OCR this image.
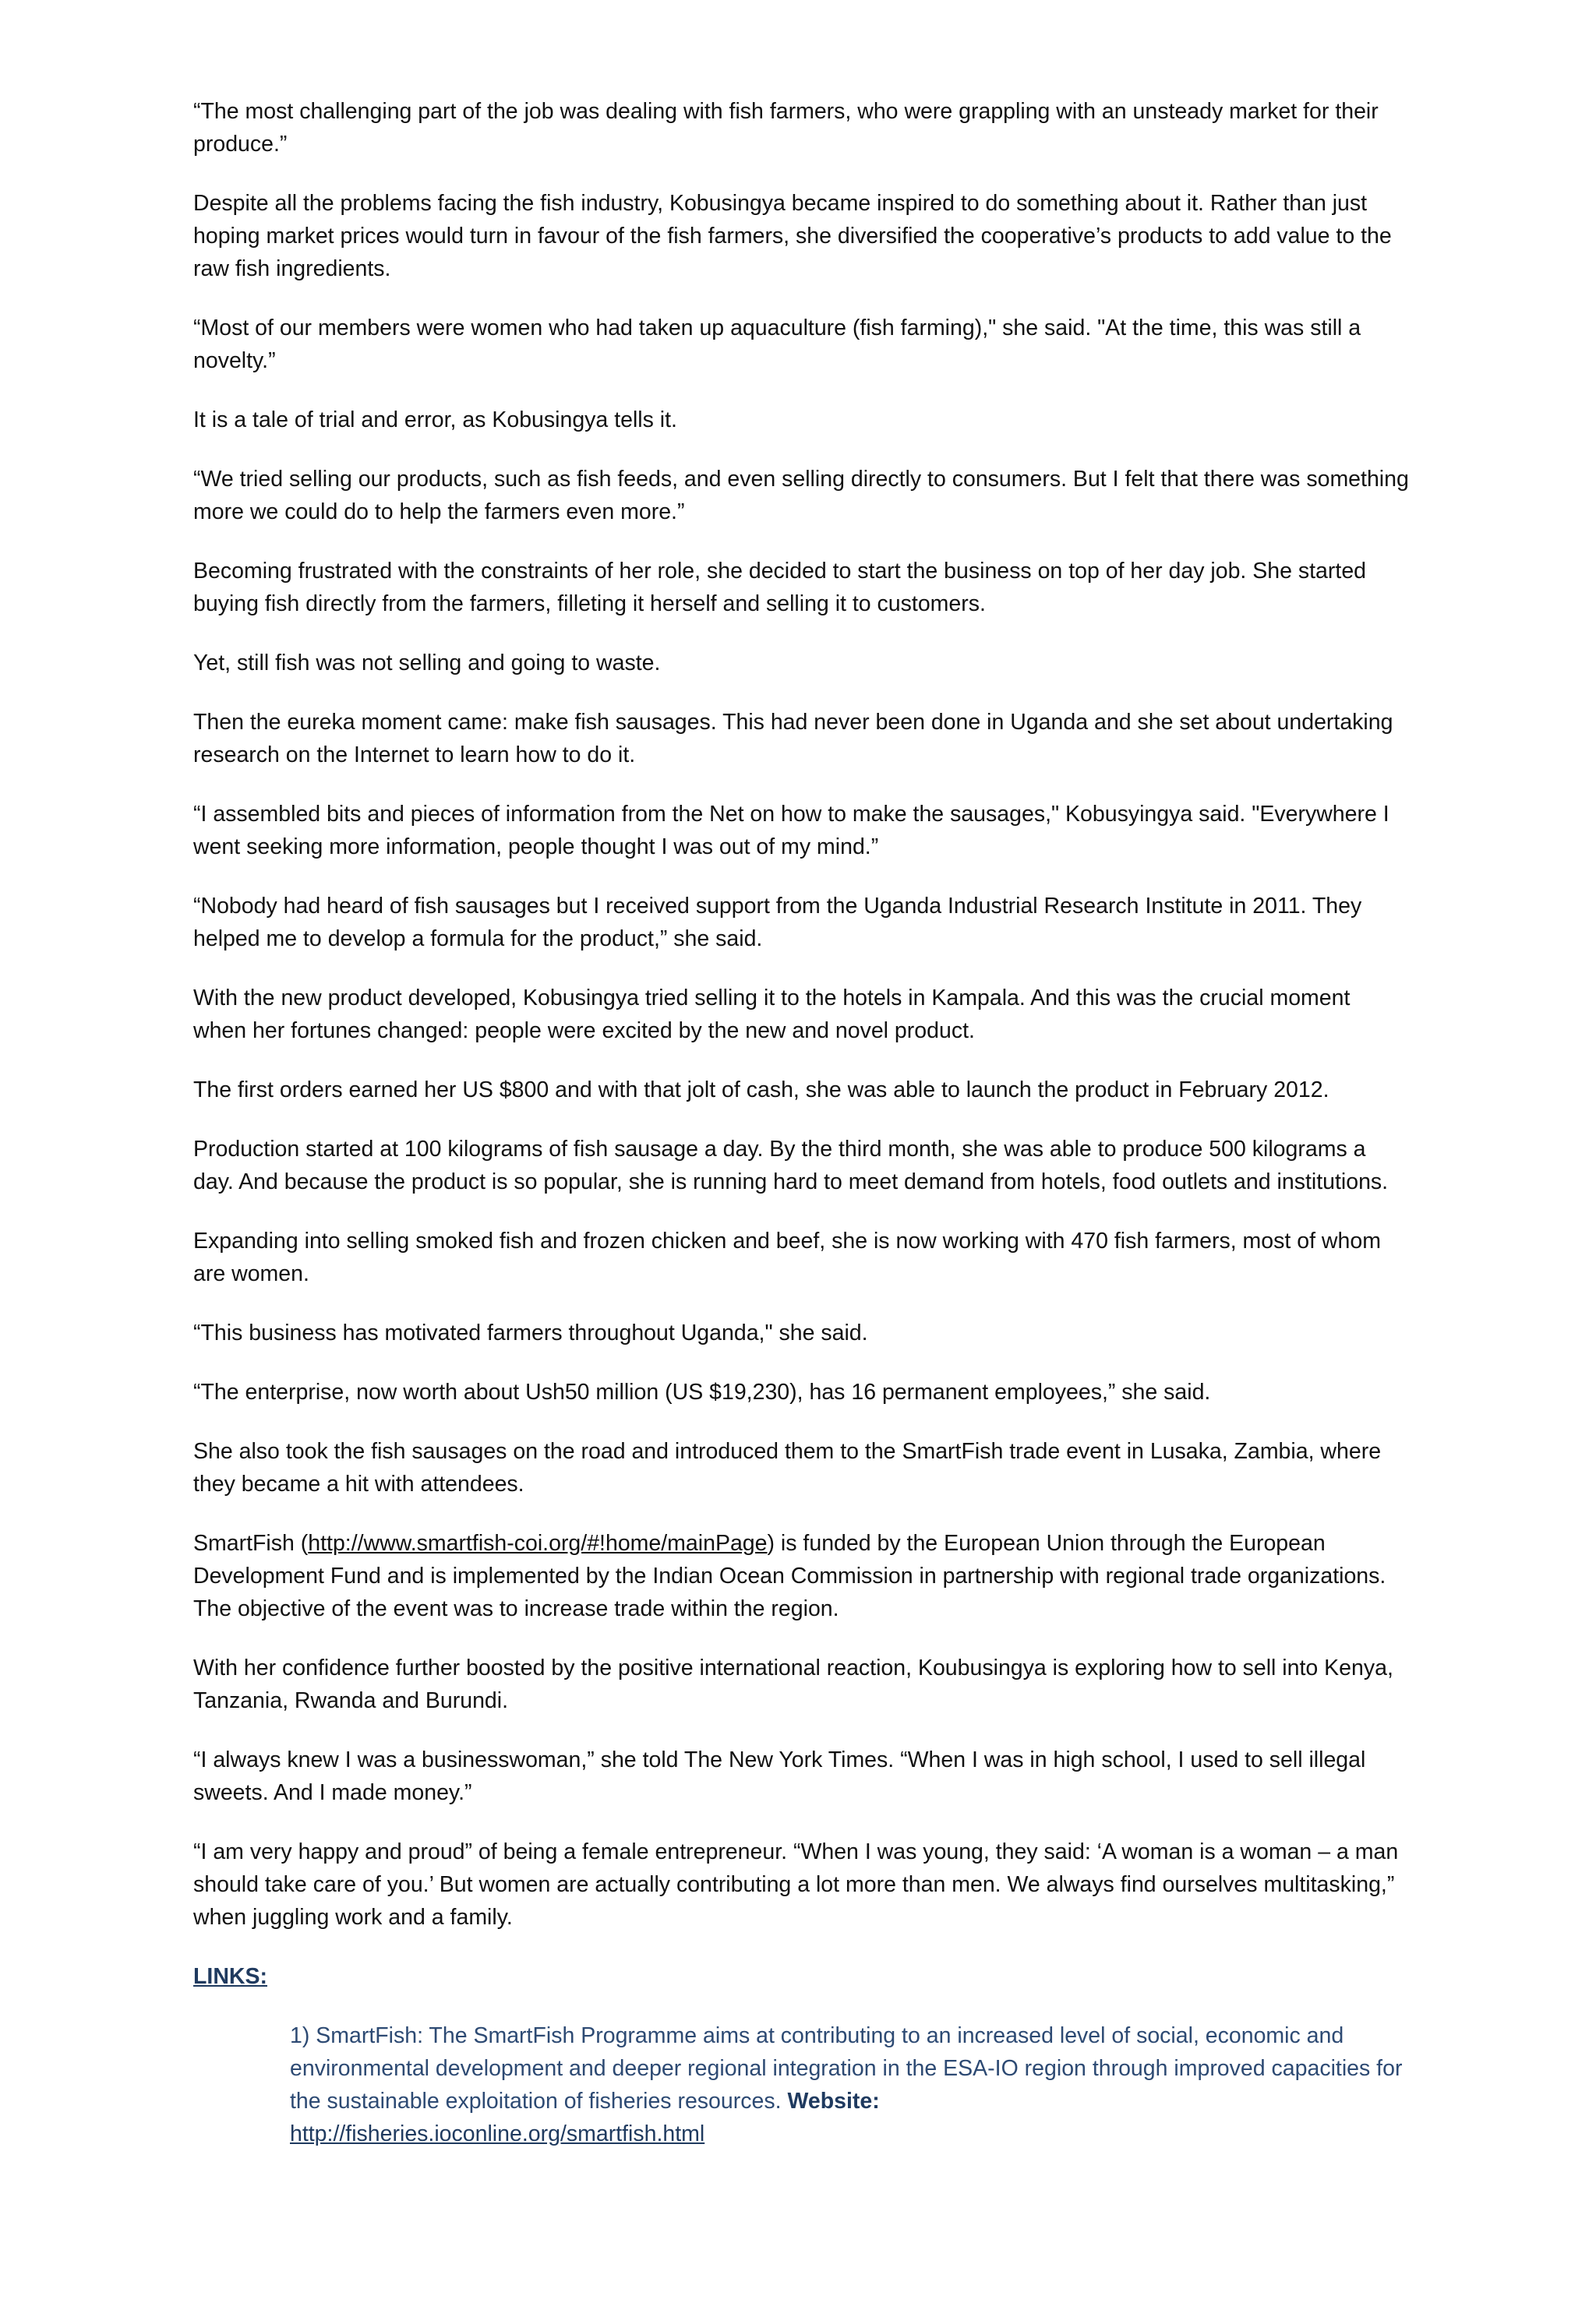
“The most challenging part of the job was dealing with fish farmers, who were grappling with an unsteady market for their produce.”

Despite all the problems facing the fish industry, Kobusingya became inspired to do something about it. Rather than just hoping market prices would turn in favour of the fish farmers, she diversified the cooperative’s products to add value to the raw fish ingredients.

“Most of our members were women who had taken up aquaculture (fish farming)," she said. "At the time, this was still a novelty.”

It is a tale of trial and error, as Kobusingya tells it.

“We tried selling our products, such as fish feeds, and even selling directly to consumers. But I felt that there was something more we could do to help the farmers even more.”

Becoming frustrated with the constraints of her role, she decided to start the business on top of her day job. She started buying fish directly from the farmers, filleting it herself and selling it to customers.

Yet, still fish was not selling and going to waste.

Then the eureka moment came: make fish sausages. This had never been done in Uganda and she set about undertaking research on the Internet to learn how to do it.

“I assembled bits and pieces of information from the Net on how to make the sausages," Kobusyingya said. "Everywhere I went seeking more information, people thought I was out of my mind.”

“Nobody had heard of fish sausages but I received support from the Uganda Industrial Research Institute in 2011. They helped me to develop a formula for the product,” she said.

With the new product developed, Kobusingya tried selling it to the hotels in Kampala. And this was the crucial moment when her fortunes changed: people were excited by the new and novel product.

The first orders earned her US $800 and with that jolt of cash, she was able to launch the product in February 2012.

Production started at 100 kilograms of fish sausage a day. By the third month, she was able to produce 500 kilograms a day. And because the product is so popular, she is running hard to meet demand from hotels, food outlets and institutions.

Expanding into selling smoked fish and frozen chicken and beef, she is now working with 470 fish farmers, most of whom are women.

“This business has motivated farmers throughout Uganda," she said.

“The enterprise, now worth about Ush50 million (US $19,230), has 16 permanent employees,” she said.

She also took the fish sausages on the road and introduced them to the SmartFish trade event in Lusaka, Zambia, where they became a hit with attendees.

SmartFish (http://www.smartfish-coi.org/#!home/mainPage) is funded by the European Union through the European Development Fund and is implemented by the Indian Ocean Commission in partnership with regional trade organizations. The objective of the event was to increase trade within the region.

With her confidence further boosted by the positive international reaction, Koubusingya is exploring how to sell into Kenya, Tanzania, Rwanda and Burundi.

“I always knew I was a businesswoman,” she told The New York Times. “When I was in high school, I used to sell illegal sweets. And I made money.”

“I am very happy and proud” of being a female entrepreneur. “When I was young, they said: ‘A woman is a woman – a man should take care of you.’ But women are actually contributing a lot more than men. We always find ourselves multitasking,” when juggling work and a family.

LINKS:

1) SmartFish: The SmartFish Programme aims at contributing to an increased level of social, economic and environmental development and deeper regional integration in the ESA-IO region through improved capacities for the sustainable exploitation of fisheries resources. Website:
http://fisheries.ioconline.org/smartfish.html
